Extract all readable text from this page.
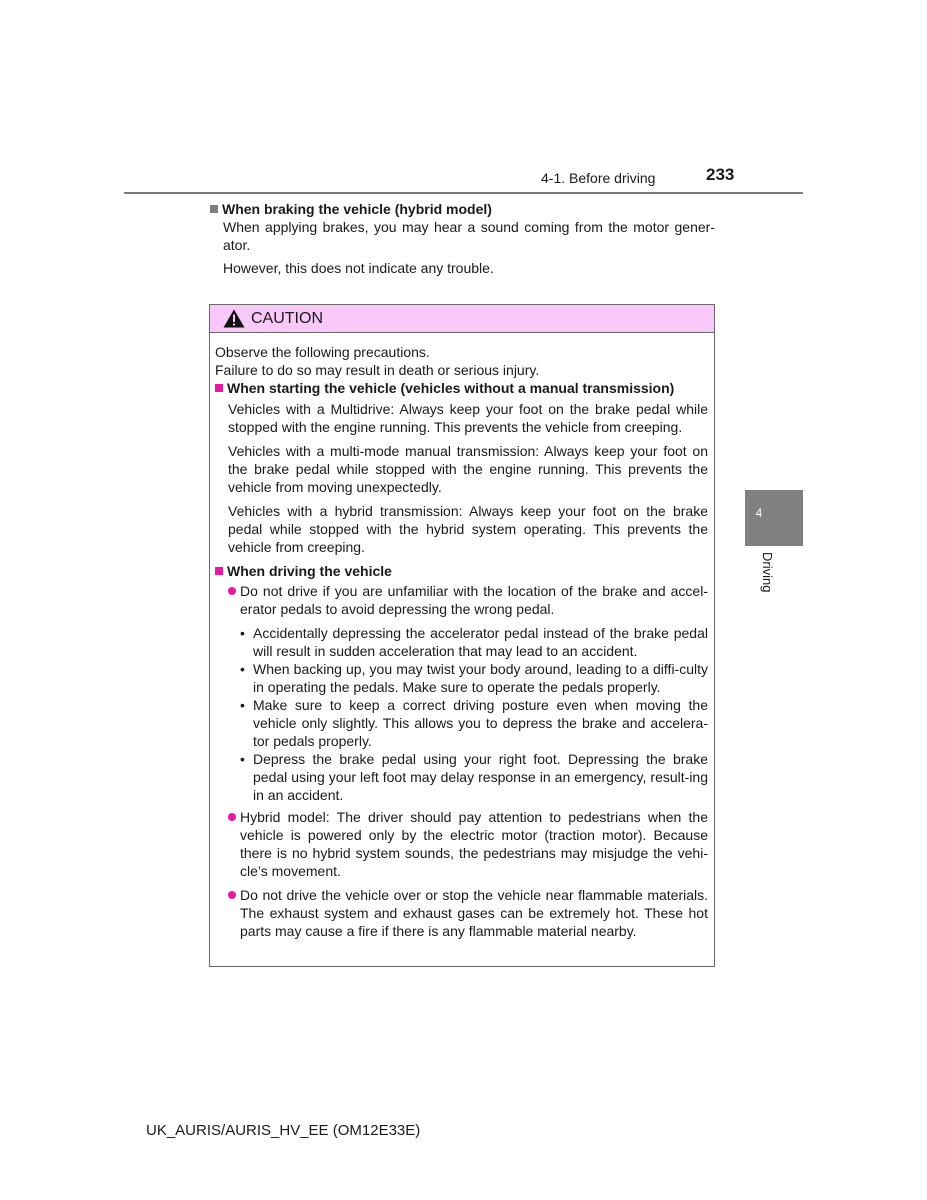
4-1. Before driving	233
4
Driving
When braking the vehicle (hybrid model)

When applying brakes, you may hear a sound coming from the motor gener-ator.

However, this does not indicate any trouble.

CAUTION

Observe the following precautions.

Failure to do so may result in death or serious injury.

When starting the vehicle (vehicles without a manual transmission)

Vehicles with a Multidrive: Always keep your foot on the brake pedal while stopped with the engine running. This prevents the vehicle from creeping.

Vehicles with a multi-mode manual transmission: Always keep your foot on the brake pedal while stopped with the engine running. This prevents the vehicle from moving unexpectedly.

Vehicles with a hybrid transmission: Always keep your foot on the brake pedal while stopped with the hybrid system operating. This prevents the vehicle from creeping.

When driving the vehicle

Do not drive if you are unfamiliar with the location of the brake and accel-erator pedals to avoid depressing the wrong pedal.
• Accidentally depressing the accelerator pedal instead of the brake pedal will result in sudden acceleration that may lead to an accident.
• When backing up, you may twist your body around, leading to a diffi-culty in operating the pedals. Make sure to operate the pedals properly.
• Make sure to keep a correct driving posture even when moving the vehicle only slightly. This allows you to depress the brake and accelera-tor pedals properly.
• Depress the brake pedal using your right foot. Depressing the brake pedal using your left foot may delay response in an emergency, result-ing in an accident.
Hybrid model: The driver should pay attention to pedestrians when the vehicle is powered only by the electric motor (traction motor). Because there is no hybrid system sounds, the pedestrians may misjudge the vehi-cle’s movement.
Do not drive the vehicle over or stop the vehicle near flammable materials. The exhaust system and exhaust gases can be extremely hot. These hot parts may cause a fire if there is any flammable material nearby.
UK_AURIS/AURIS_HV_EE (OM12E33E)
